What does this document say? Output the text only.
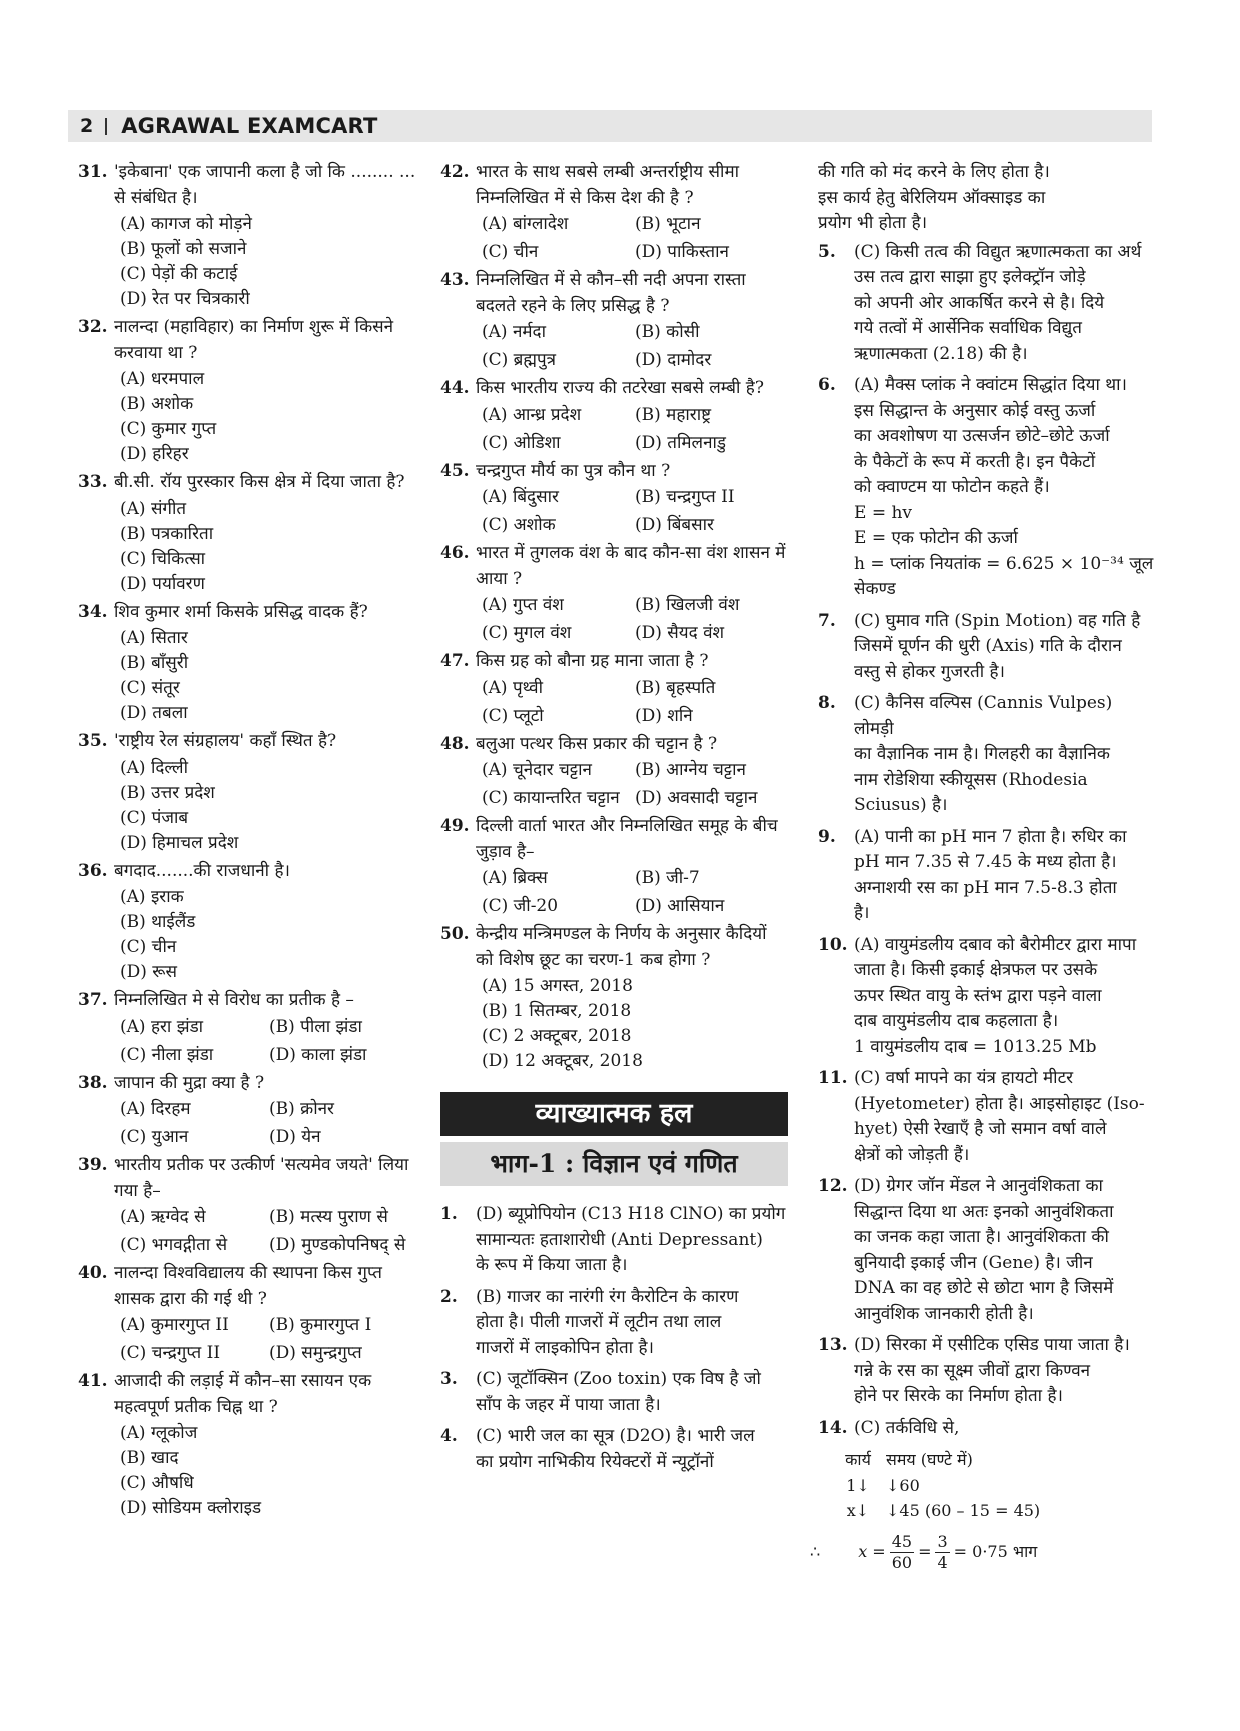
2 AGRAWAL EXAMCART
31. 'इकेबाना' एक जापानी कला है जो कि ........ ... से संबंधित है।
(A) कागज को मोड़ने
(B) फूलों को सजाने
(C) पेड़ों की कटाई
(D) रेत पर चित्रकारी
32. नालन्दा (महाविहार) का निर्माण शुरू में किसने करवाया था ?
(A) धरमपाल
(B) अशोक
(C) कुमार गुप्त
(D) हरिहर
33. बी.सी. रॉय पुरस्कार किस क्षेत्र में दिया जाता है?
(A) संगीत
(B) पत्रकारिता
(C) चिकित्सा
(D) पर्यावरण
34. शिव कुमार शर्मा किसके प्रसिद्ध वादक हैं?
(A) सितार
(B) बाँसुरी
(C) संतूर
(D) तबला
35. 'राष्ट्रीय रेल संग्रहालय' कहाँ स्थित है?
(A) दिल्ली
(B) उत्तर प्रदेश
(C) पंजाब
(D) हिमाचल प्रदेश
36. बगदाद.......की राजधानी है।
(A) इराक
(B) थाईलैंड
(C) चीन
(D) रूस
37. निम्नलिखित मे से विरोध का प्रतीक है –
(A) हरा झंडा	(B) पीला झंडा
(C) नीला झंडा	(D) काला झंडा
38. जापान की मुद्रा क्या है ?
(A) दिरहम	(B) क्रोनर
(C) युआन	(D) येन
39. भारतीय प्रतीक पर उत्कीर्ण 'सत्यमेव जयते' लिया गया है–
(A) ऋग्वेद से	(B) मत्स्य पुराण से
(C) भगवद्गीता से	(D) मुण्डकोपनिषद् से
40. नालन्दा विश्वविद्यालय की स्थापना किस गुप्त शासक द्वारा की गई थी ?
(A) कुमारगुप्त II	(B) कुमारगुप्त I
(C) चन्द्रगुप्त II	(D) समुन्द्रगुप्त
41. आजादी की लड़ाई में कौन–सा रसायन एक महत्वपूर्ण प्रतीक चिह्न था ?
(A) ग्लूकोज
(B) खाद
(C) औषधि
(D) सोडियम क्लोराइड
42. भारत के साथ सबसे लम्बी अन्तर्राष्ट्रीय सीमा निम्नलिखित में से किस देश की है ?
(A) बांग्लादेश	(B) भूटान
(C) चीन	(D) पाकिस्तान
43. निम्नलिखित में से कौन–सी नदी अपना रास्ता बदलते रहने के लिए प्रसिद्ध है ?
(A) नर्मदा	(B) कोसी
(C) ब्रह्मपुत्र	(D) दामोदर
44. किस भारतीय राज्य की तटरेखा सबसे लम्बी है?
(A) आन्ध्र प्रदेश	(B) महाराष्ट्र
(C) ओडिशा	(D) तमिलनाडु
45. चन्द्रगुप्त मौर्य का पुत्र कौन था ?
(A) बिंदुसार	(B) चन्द्रगुप्त II
(C) अशोक	(D) बिंबसार
46. भारत में तुगलक वंश के बाद कौन-सा वंश शासन में आया ?
(A) गुप्त वंश	(B) खिलजी वंश
(C) मुगल वंश	(D) सैयद वंश
47. किस ग्रह को बौना ग्रह माना जाता है ?
(A) पृथ्वी	(B) बृहस्पति
(C) प्लूटो	(D) शनि
48. बलुआ पत्थर किस प्रकार की चट्टान है ?
(A) चूनेदार चट्टान	(B) आग्नेय चट्टान
(C) कायान्तरित चट्टान (D) अवसादी चट्टान
49. दिल्ली वार्ता भारत और निम्नलिखित समूह के बीच जुड़ाव है–
(A) ब्रिक्स	(B) जी-7
(C) जी-20	(D) आसियान
50. केन्द्रीय मन्त्रिमण्डल के निर्णय के अनुसार कैदियों को विशेष छूट का चरण-1 कब होगा ?
(A) 15 अगस्त, 2018
(B) 1 सितम्बर, 2018
(C) 2 अक्टूबर, 2018
(D) 12 अक्टूबर, 2018
व्याख्यात्मक हल
भाग-1 : विज्ञान एवं गणित
1. (D) ब्यूप्रोपियोन (C13 H18 ClNO) का प्रयोग
सामान्यतः हताशारोधी (Anti Depressant)
के रूप में किया जाता है।
2. (B) गाजर का नारंगी रंग कैरोटिन के कारण
होता है। पीली गाजरों में लूटीन तथा लाल
गाजरों में लाइकोपिन होता है।
3. (C) जूटॉक्सिन (Zoo toxin) एक विष है जो
साँप के जहर में पाया जाता है।
4. (C) भारी जल का सूत्र (D2O) है। भारी जल
का प्रयोग नाभिकीय रियेक्टरों में न्यूट्रॉनों
की गति को मंद करने के लिए होता है।
इस कार्य हेतु बेरिलियम ऑक्साइड का
प्रयोग भी होता है।
5. (C) किसी तत्व की विद्युत ऋणात्मकता का अर्थ
उस तत्व द्वारा साझा हुए इलेक्ट्रॉन जोड़े
को अपनी ओर आकर्षित करने से है। दिये
गये तत्वों में आर्सेनिक सर्वाधिक विद्युत
ऋणात्मकता (2.18) की है।
6. (A) मैक्स प्लांक ने क्वांटम सिद्धांत दिया था।
इस सिद्धान्त के अनुसार कोई वस्तु ऊर्जा
का अवशोषण या उत्सर्जन छोटे–छोटे ऊर्जा
के पैकेटों के रूप में करती है। इन पैकेटों
को क्वाण्टम या फोटोन कहते हैं।
E = hv
E = एक फोटोन की ऊर्जा
h = प्लांक नियतांक = 6.625 × 10⁻³⁴ जूल
सेकण्ड
7. (C) घुमाव गति (Spin Motion) वह गति है
जिसमें घूर्णन की धुरी (Axis) गति के दौरान
वस्तु से होकर गुजरती है।
8. (C) कैनिस वल्पिस (Cannis Vulpes) लोमड़ी
का वैज्ञानिक नाम है। गिलहरी का वैज्ञानिक
नाम रोडेशिया स्कीयूसस (Rhodesia
Sciusus) है।
9. (A) पानी का pH मान 7 होता है। रुधिर का
pH मान 7.35 से 7.45 के मध्य होता है।
अग्नाशयी रस का pH मान 7.5-8.3 होता
है।
10. (A) वायुमंडलीय दबाव को बैरोमीटर द्वारा मापा
जाता है। किसी इकाई क्षेत्रफल पर उसके
ऊपर स्थित वायु के स्तंभ द्वारा पड़ने वाला
दाब वायुमंडलीय दाब कहलाता है।
1 वायुमंडलीय दाब = 1013.25 Mb
11. (C) वर्षा मापने का यंत्र हायटो मीटर
(Hyetometer) होता है। आइसोहाइट (Iso-
hyet) ऐसी रेखाएँ है जो समान वर्षा वाले
क्षेत्रों को जोड़ती हैं।
12. (D) ग्रेगर जॉन मेंडल ने आनुवंशिकता का
सिद्धान्त दिया था अतः इनको आनुवंशिकता
का जनक कहा जाता है। आनुवंशिकता की
बुनियादी इकाई जीन (Gene) है। जीन
DNA का वह छोटे से छोटा भाग है जिसमें
आनुवंशिक जानकारी होती है।
13. (D) सिरका में एसीटिक एसिड पाया जाता है।
गन्ने के रस का सूक्ष्म जीवों द्वारा किण्वन
होने पर सिरके का निर्माण होता है।
14. (C) तर्कविधि से,
कार्य समय (घण्टे में)
1↓	↓60
x↓	↓45 (60 – 15 = 45)
∴ $x = \frac{45}{60} = \frac{3}{4} = 0\cdot 75$ भाग
